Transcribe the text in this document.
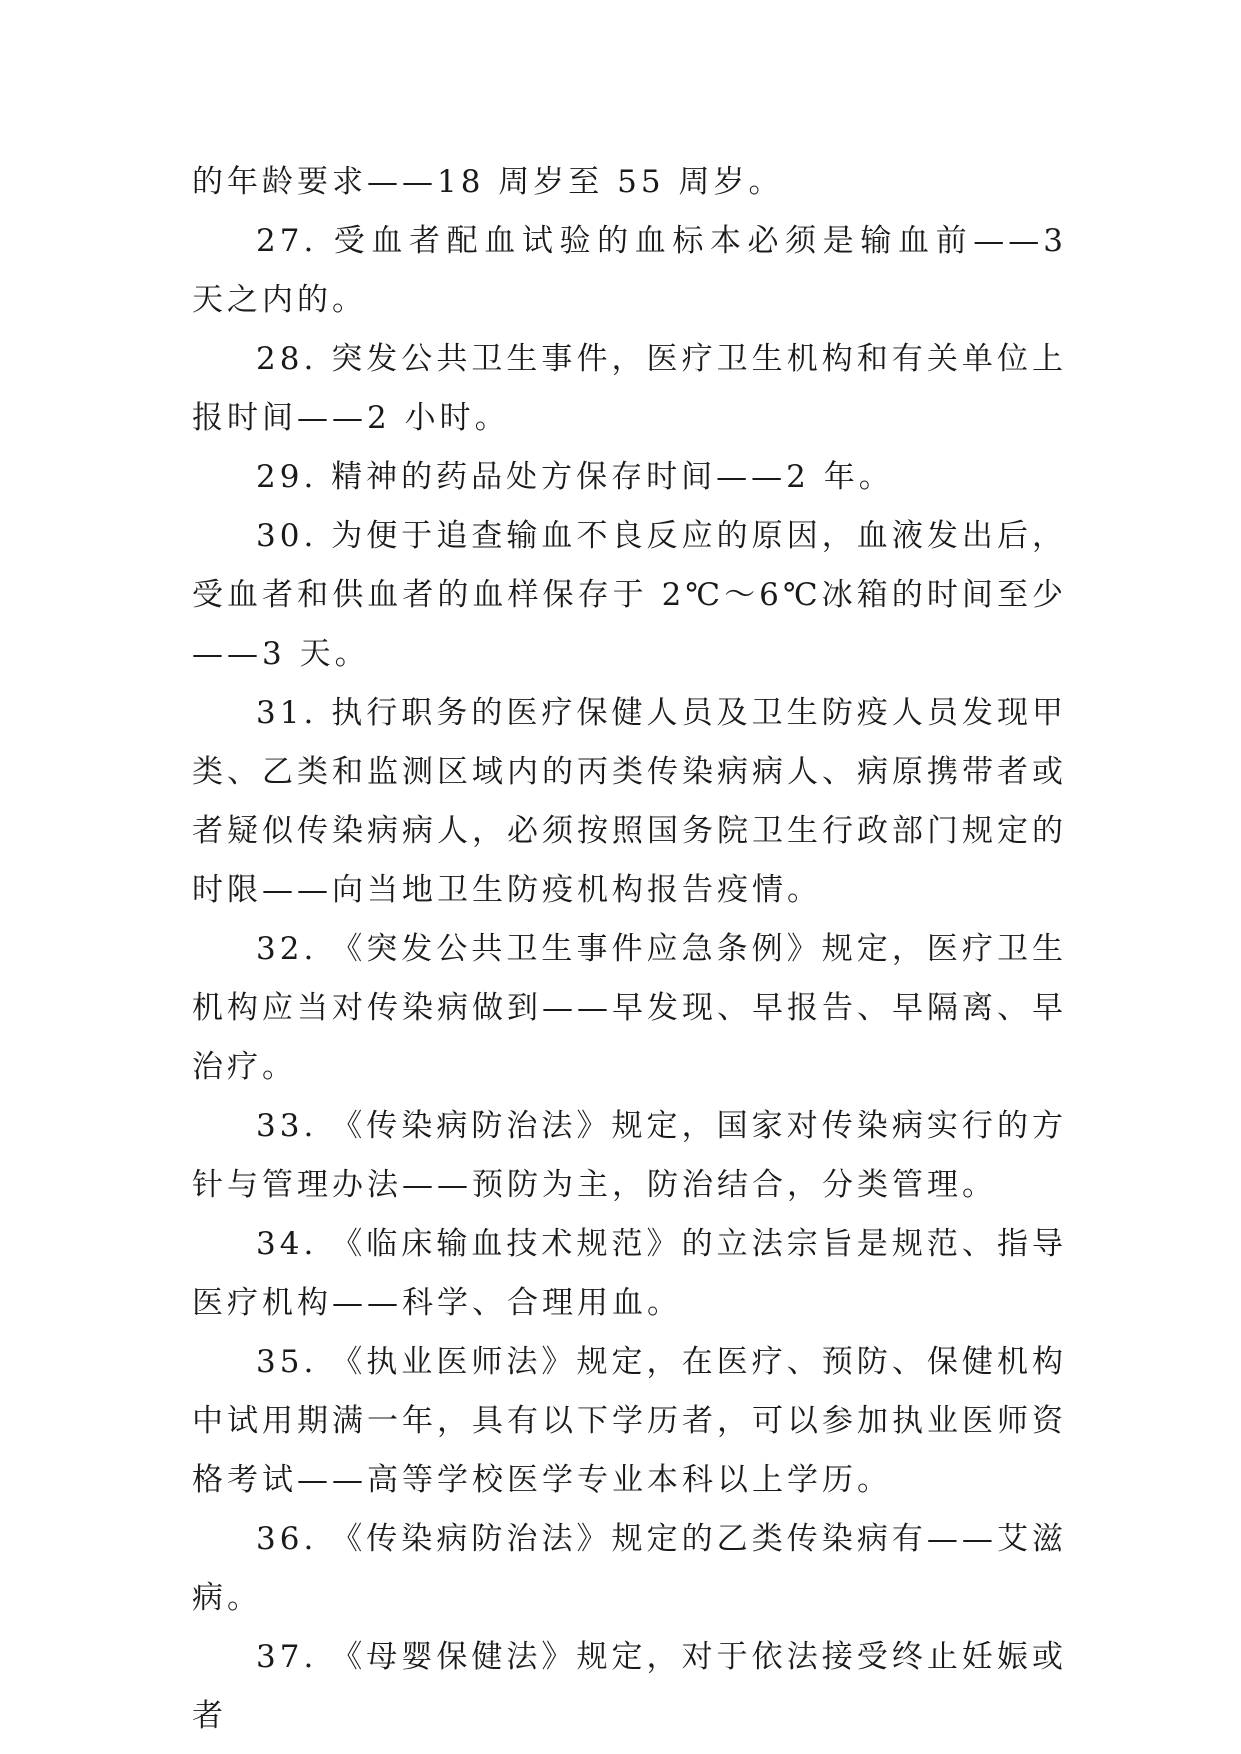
的年龄要求——18 周岁至 55 周岁。

27. 受血者配血试验的血标本必须是输血前——3 天之内的。

28. 突发公共卫生事件，医疗卫生机构和有关单位上报时间——2 小时。

29. 精神的药品处方保存时间——2 年。

30. 为便于追查输血不良反应的原因，血液发出后，受血者和供血者的血样保存于 2℃～6℃冰箱的时间至少——3 天。

31. 执行职务的医疗保健人员及卫生防疫人员发现甲类、乙类和监测区域内的丙类传染病病人、病原携带者或者疑似传染病病人，必须按照国务院卫生行政部门规定的时限——向当地卫生防疫机构报告疫情。

32. 《突发公共卫生事件应急条例》规定，医疗卫生机构应当对传染病做到——早发现、早报告、早隔离、早治疗。

33. 《传染病防治法》规定，国家对传染病实行的方针与管理办法——预防为主，防治结合，分类管理。

34. 《临床输血技术规范》的立法宗旨是规范、指导医疗机构——科学、合理用血。

35. 《执业医师法》规定，在医疗、预防、保健机构中试用期满一年，具有以下学历者，可以参加执业医师资格考试——高等学校医学专业本科以上学历。

36. 《传染病防治法》规定的乙类传染病有——艾滋病。

37. 《母婴保健法》规定，对于依法接受终止妊娠或者
